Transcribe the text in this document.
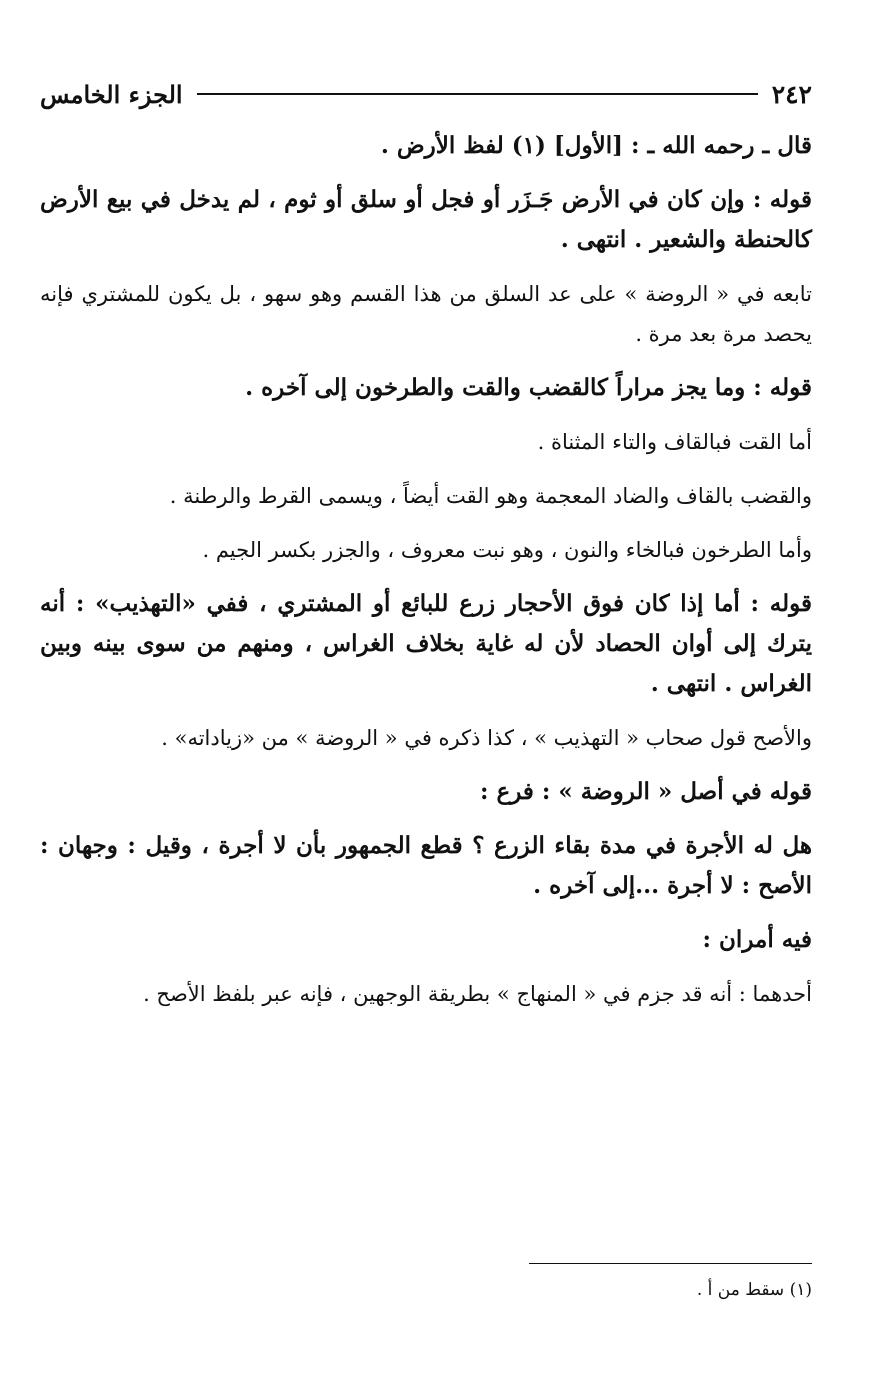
٢٤٢
الجزء الخامس

قال ـ رحمه الله ـ : [الأول] (١) لفظ الأرض .

قوله : وإن كان في الأرض جَـزَر أو فجل أو سلق أو ثوم ، لم يدخل في بيع الأرض كالحنطة والشعير . انتهى .

تابعه في « الروضة » على عد السلق من هذا القسم وهو سهو ، بل يكون للمشتري فإنه يحصد مرة بعد مرة .

قوله : وما يجز مراراً كالقضب والقت والطرخون إلى آخره .

أما القت فبالقاف والتاء المثناة .

والقضب بالقاف والضاد المعجمة وهو القت أيضاً ، ويسمى القرط والرطنة .

وأما الطرخون فبالخاء والنون ، وهو نبت معروف ، والجزر بكسر الجيم .

قوله : أما إذا كان فوق الأحجار زرع للبائع أو المشتري ، ففي «التهذيب» : أنه يترك إلى أوان الحصاد لأن له غاية بخلاف الغراس ، ومنهم من سوى بينه وبين الغراس . انتهى .

والأصح قول صحاب « التهذيب » ، كذا ذكره في « الروضة » من «زياداته» .

قوله في أصل « الروضة » : فرع :

هل له الأجرة في مدة بقاء الزرع ؟ قطع الجمهور بأن لا أجرة ، وقيل : وجهان : الأصح : لا أجرة ...إلى آخره .

فيه أمران :

أحدهما : أنه قد جزم في « المنهاج » بطريقة الوجهين ، فإنه عبر بلفظ الأصح .

(١) سقط من أ .
